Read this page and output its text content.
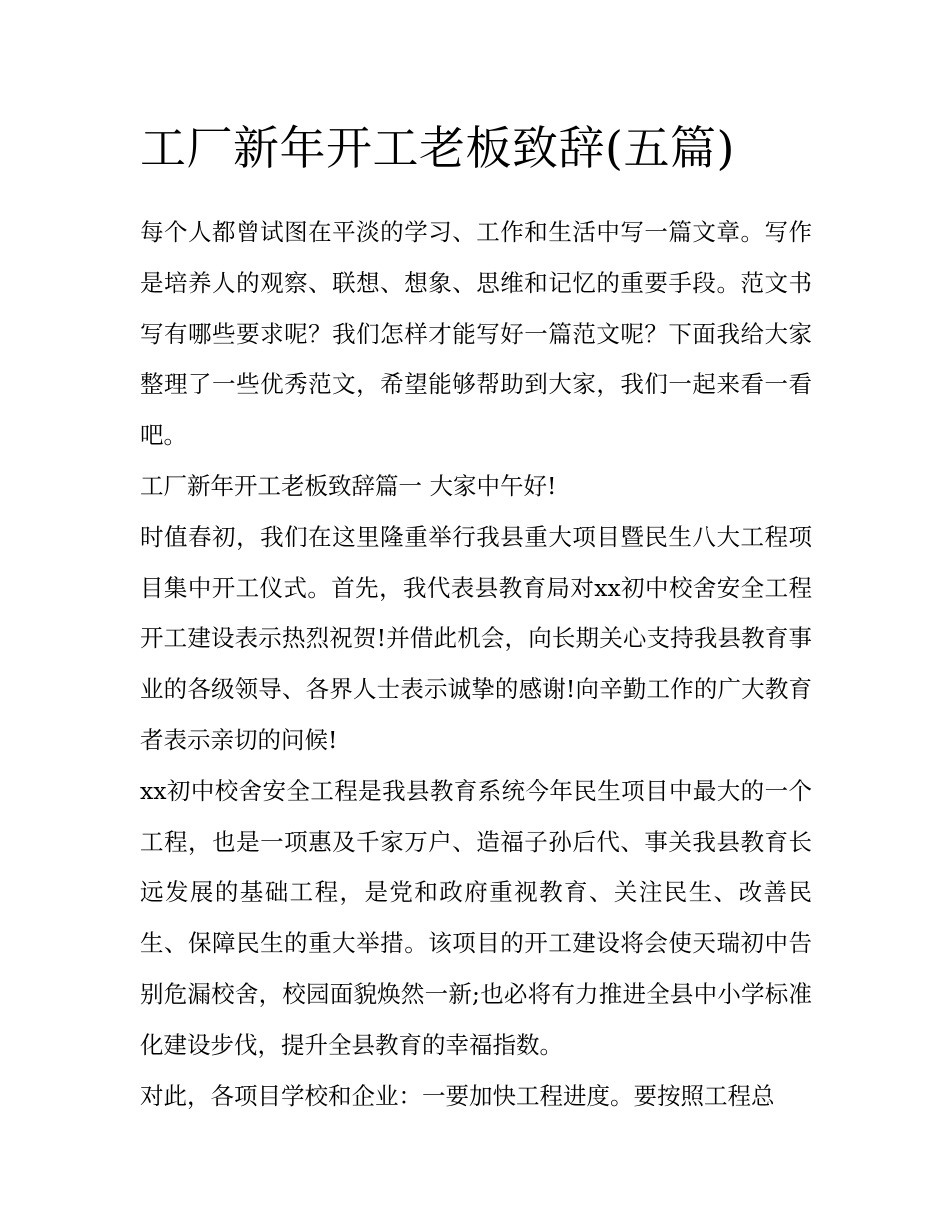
工厂新年开工老板致辞(五篇)

每个人都曾试图在平淡的学习、工作和生活中写一篇文章。写作是培养人的观察、联想、想象、思维和记忆的重要手段。范文书写有哪些要求呢？我们怎样才能写好一篇范文呢？下面我给大家整理了一些优秀范文，希望能够帮助到大家，我们一起来看一看吧。

工厂新年开工老板致辞篇一 大家中午好!

时值春初，我们在这里隆重举行我县重大项目暨民生八大工程项目集中开工仪式。首先，我代表县教育局对xx初中校舍安全工程开工建设表示热烈祝贺!并借此机会，向长期关心支持我县教育事业的各级领导、各界人士表示诚挚的感谢!向辛勤工作的广大教育者表示亲切的问候!

xx初中校舍安全工程是我县教育系统今年民生项目中最大的一个工程，也是一项惠及千家万户、造福子孙后代、事关我县教育长远发展的基础工程，是党和政府重视教育、关注民生、改善民生、保障民生的重大举措。该项目的开工建设将会使天瑞初中告别危漏校舍，校园面貌焕然一新;也必将有力推进全县中小学标准化建设步伐，提升全县教育的幸福指数。

对此，各项目学校和企业：一要加快工程进度。要按照工程总
